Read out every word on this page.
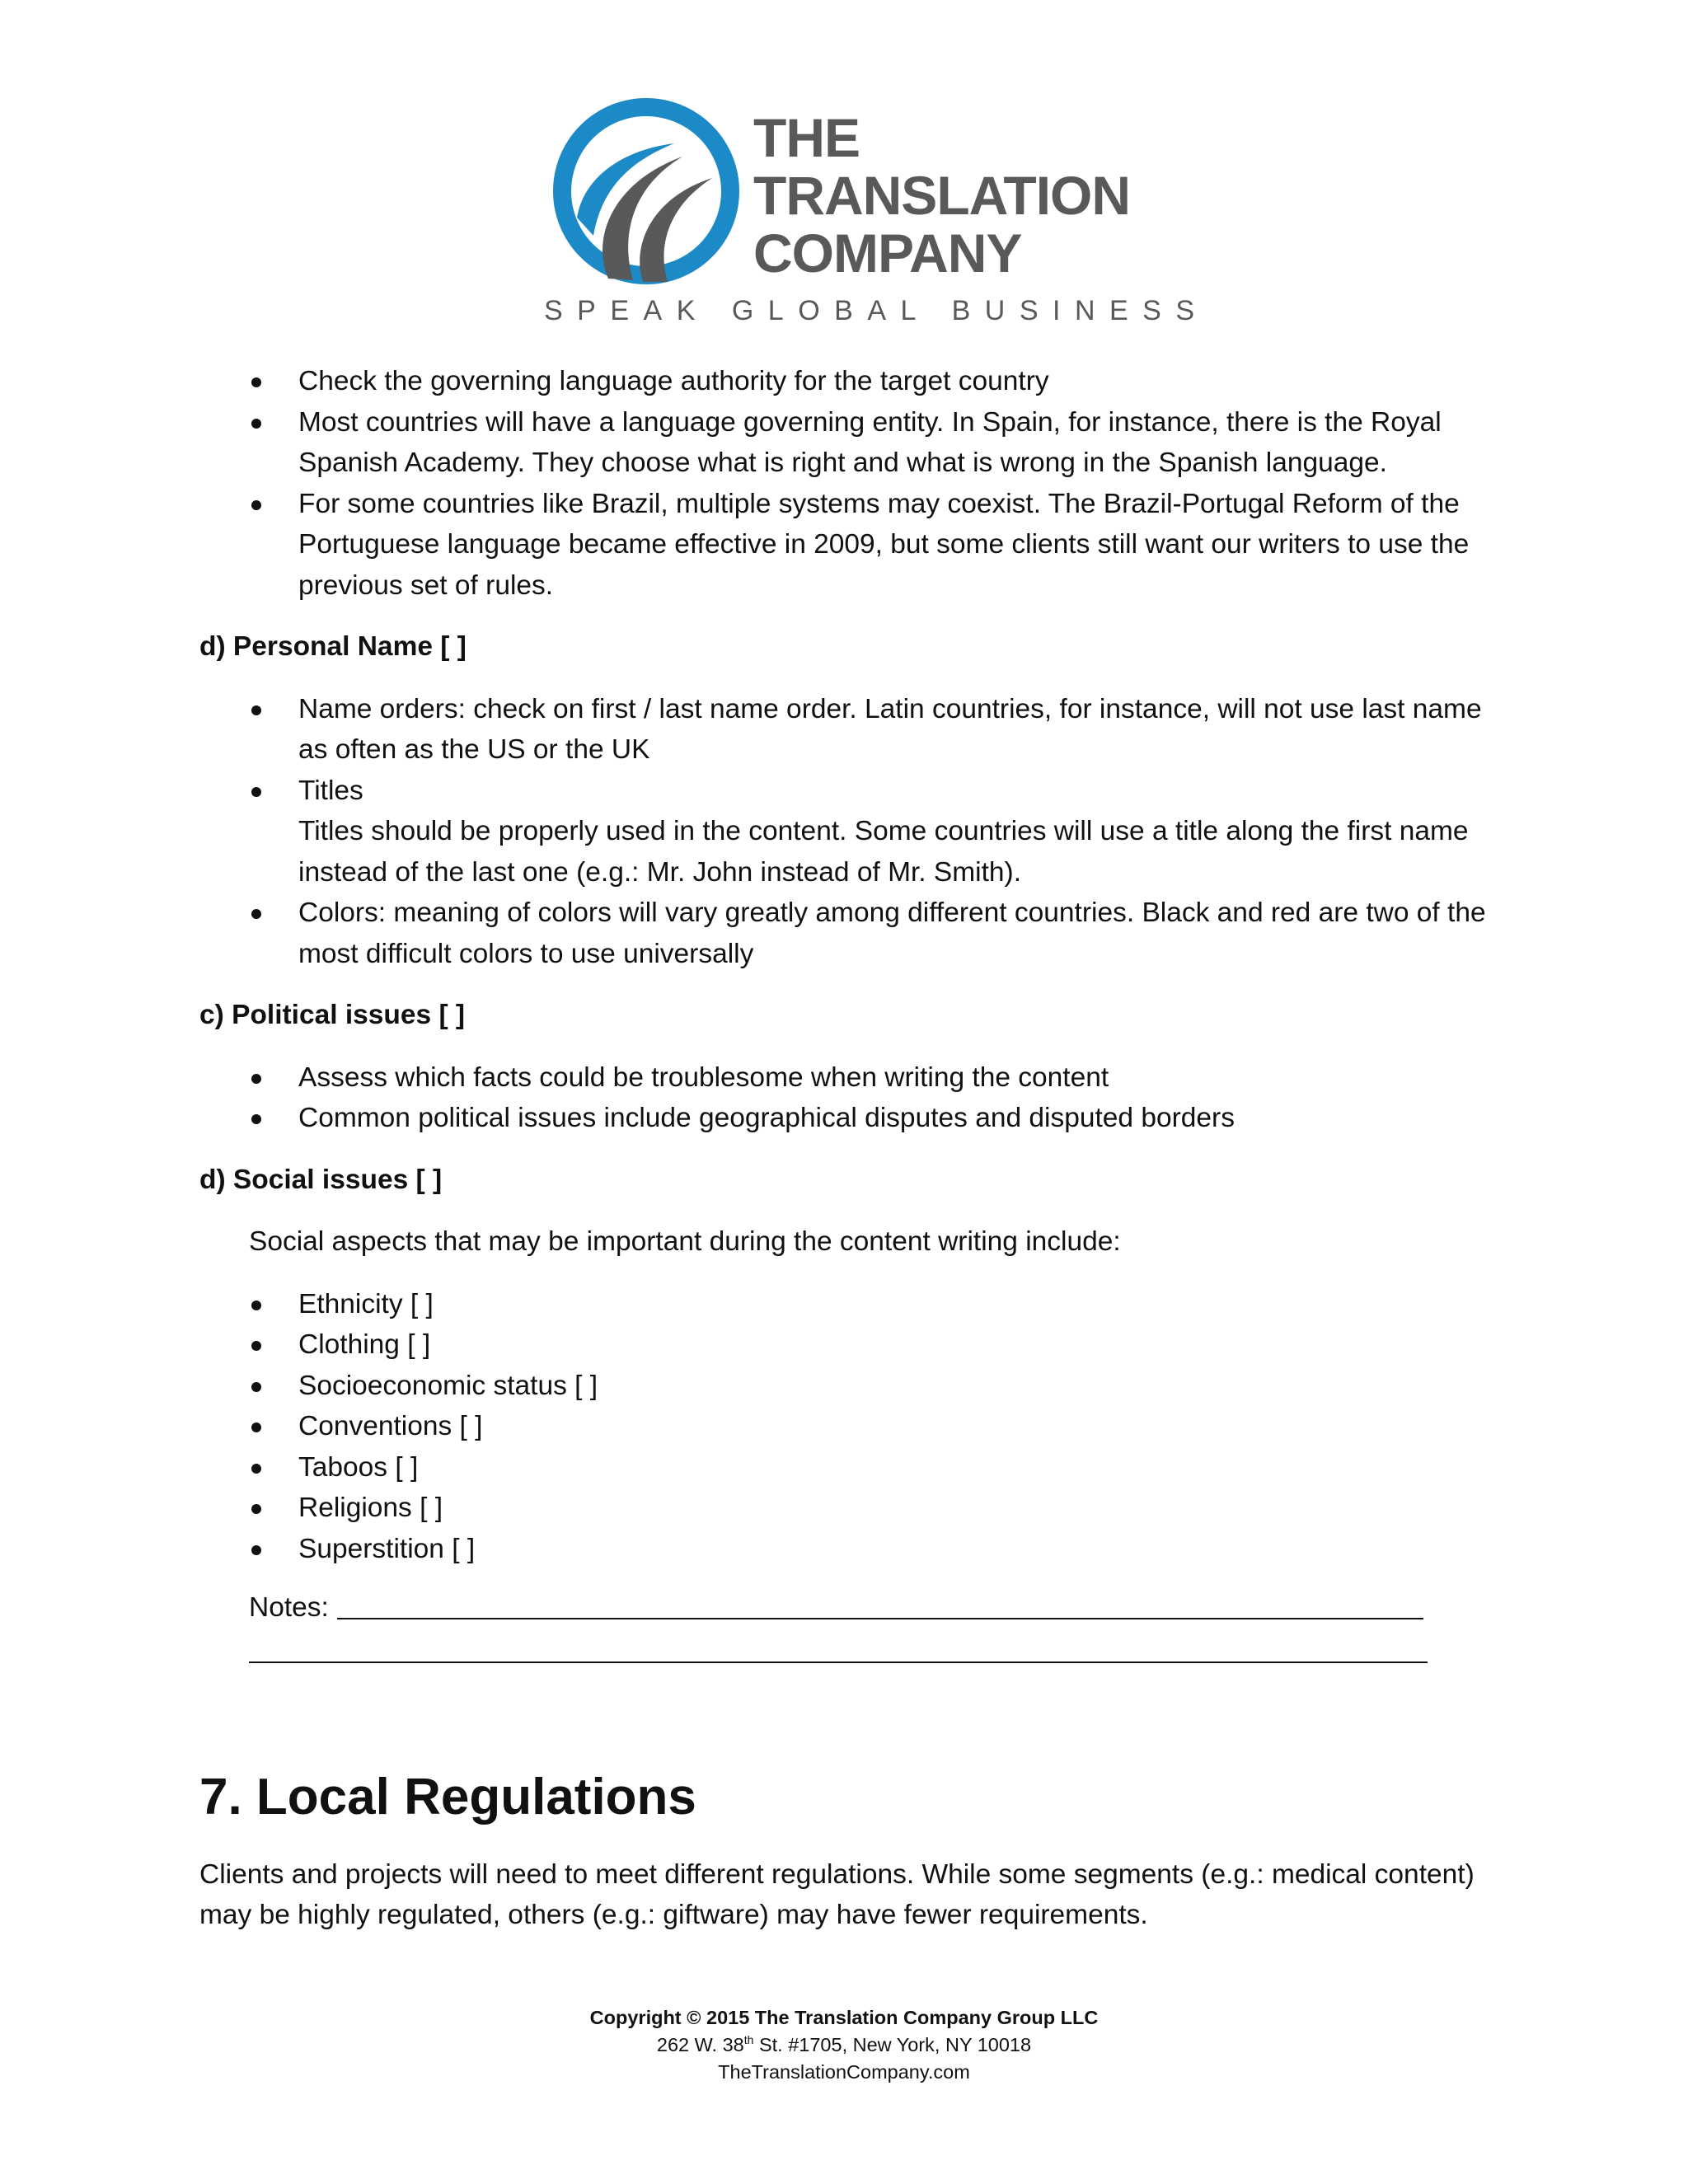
THE
TRANSLATION
COMPANY
SPEAK GLOBAL BUSINESS
Check the governing language authority for the target country
Most countries will have a language governing entity. In Spain, for instance, there is the Royal Spanish Academy. They choose what is right and what is wrong in the Spanish language.
For some countries like Brazil, multiple systems may coexist. The Brazil-Portugal Reform of the Portuguese language became effective in 2009, but some clients still want our writers to use the previous set of rules.
d) Personal Name [ ]
Name orders: check on first / last name order. Latin countries, for instance, will not use last name as often as the US or the UK
Titles
Titles should be properly used in the content. Some countries will use a title along the first name instead of the last one (e.g.: Mr. John instead of Mr. Smith).
Colors: meaning of colors will vary greatly among different countries. Black and red are two of the most difficult colors to use universally
c) Political issues [ ]
Assess which facts could be troublesome when writing the content
Common political issues include geographical disputes and disputed borders
d) Social issues [ ]

Social aspects that may be important during the content writing include:

Ethnicity [ ]
Clothing [ ]
Socioeconomic status [ ]
Conventions [ ]
Taboos [ ]
Religions [ ]
Superstition [ ]
Notes:
7. Local Regulations

Clients and projects will need to meet different regulations. While some segments (e.g.: medical content) may be highly regulated, others (e.g.: giftware) may have fewer requirements.

Copyright © 2015 The Translation Company Group LLC
262 W. 38th St. #1705, New York, NY 10018
TheTranslationCompany.com
